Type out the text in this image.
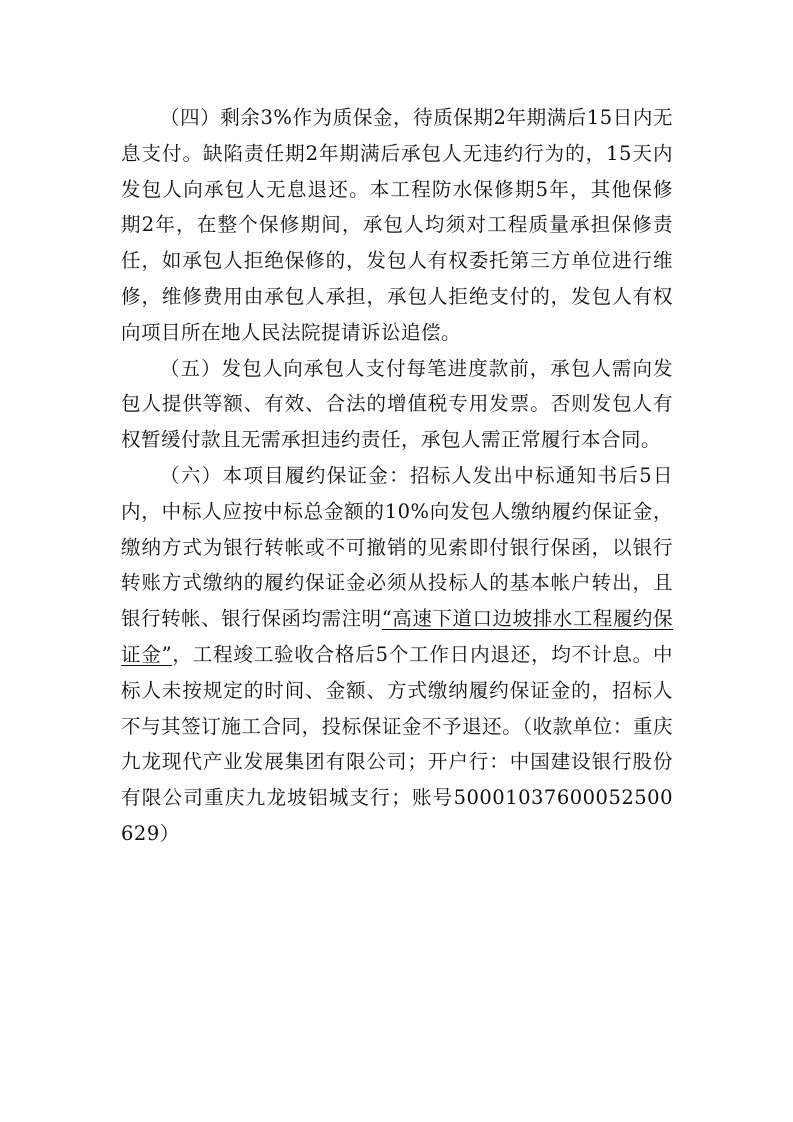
（四）剩余3%作为质保金，待质保期2年期满后15日内无息支付。缺陷责任期2年期满后承包人无违约行为的，15天内发包人向承包人无息退还。本工程防水保修期5年，其他保修期2年，在整个保修期间，承包人均须对工程质量承担保修责任，如承包人拒绝保修的，发包人有权委托第三方单位进行维修，维修费用由承包人承担，承包人拒绝支付的，发包人有权向项目所在地人民法院提请诉讼追偿。

（五）发包人向承包人支付每笔进度款前，承包人需向发包人提供等额、有效、合法的增值税专用发票。否则发包人有权暂缓付款且无需承担违约责任，承包人需正常履行本合同。

（六）本项目履约保证金：招标人发出中标通知书后5日内，中标人应按中标总金额的10%向发包人缴纳履约保证金，缴纳方式为银行转帐或不可撤销的见索即付银行保函，以银行转账方式缴纳的履约保证金必须从投标人的基本帐户转出，且银行转帐、银行保函均需注明“高速下道口边坡排水工程履约保证金”，工程竣工验收合格后5个工作日内退还，均不计息。中标人未按规定的时间、金额、方式缴纳履约保证金的，招标人不与其签订施工合同，投标保证金不予退还。（收款单位：重庆九龙现代产业发展集团有限公司；开户行：中国建设银行股份有限公司重庆九龙坡铝城支行；账号50001037600052500629）
